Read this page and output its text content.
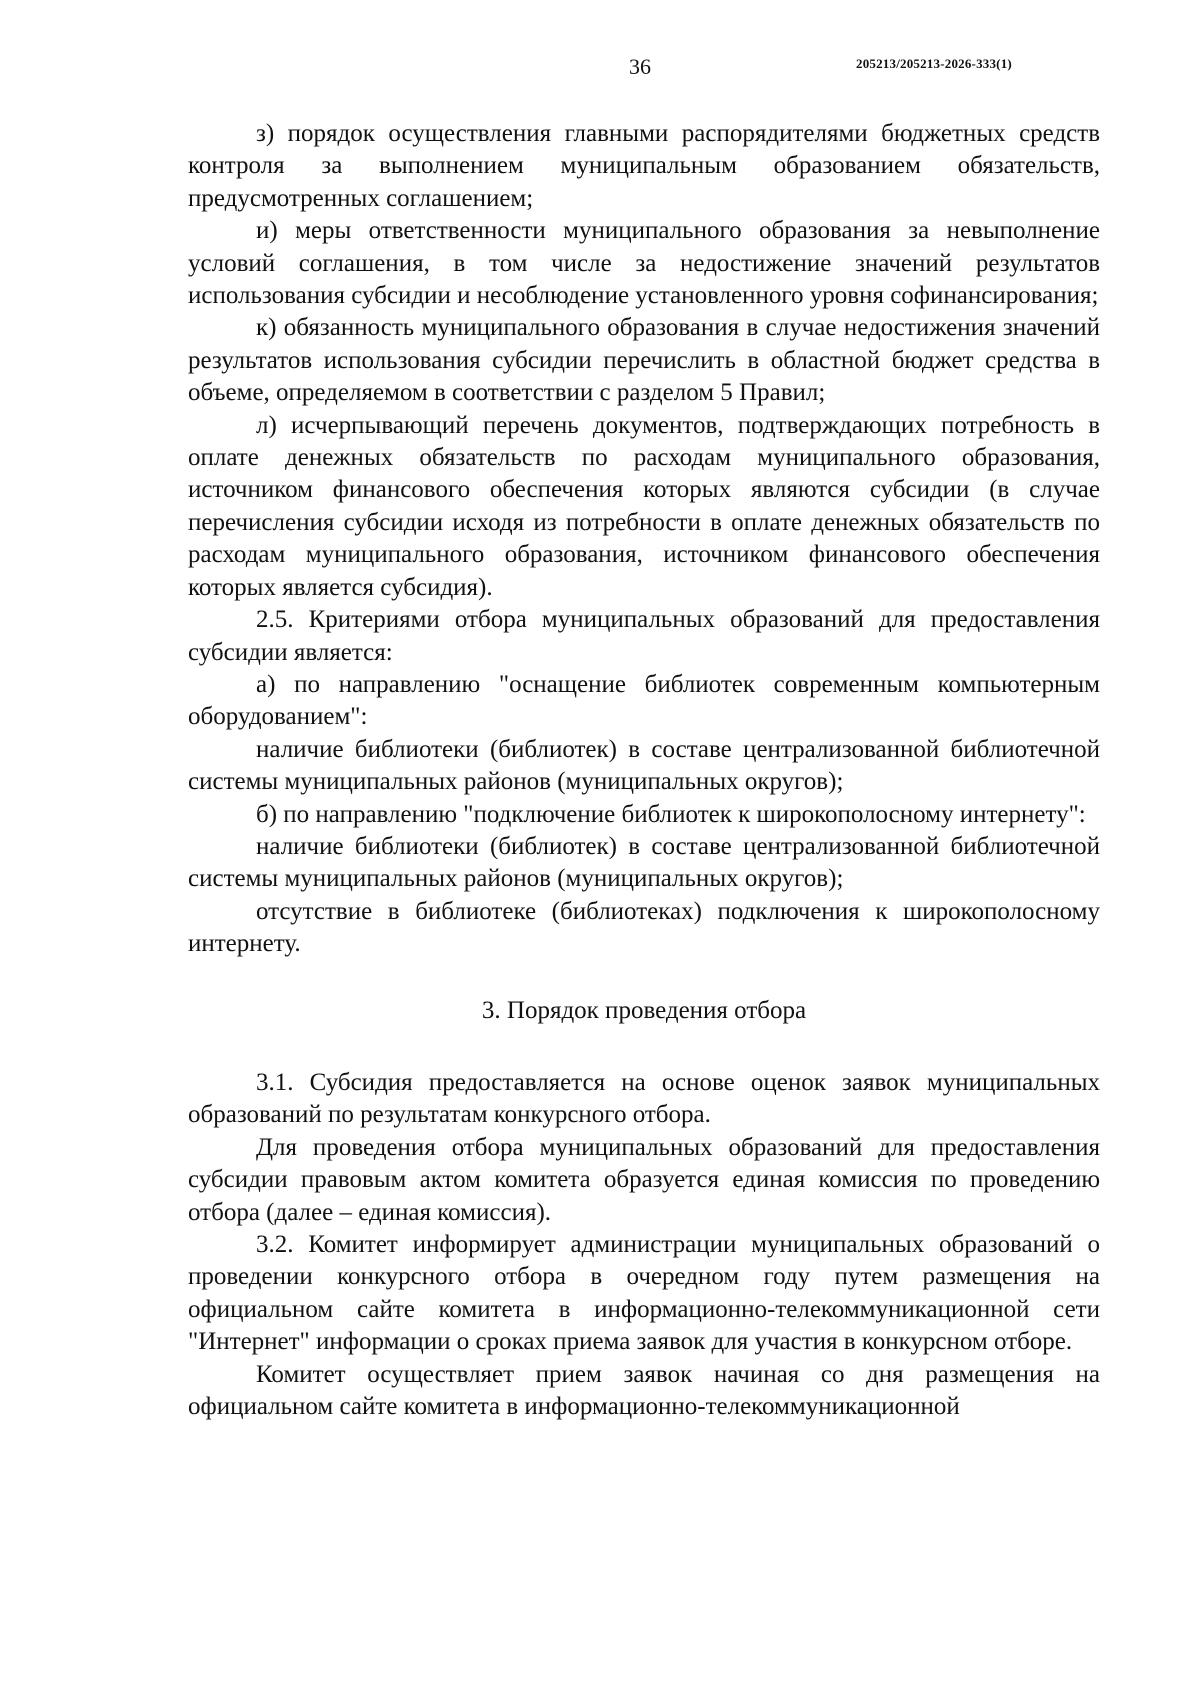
36	205213/205213-2026-333(1)

з) порядок осуществления главными распорядителями бюджетных средств контроля за выполнением муниципальным образованием обязательств, предусмотренных соглашением;

и) меры ответственности муниципального образования за невыполнение условий соглашения, в том числе за недостижение значений результатов использования субсидии и несоблюдение установленного уровня софинансирования;

к) обязанность муниципального образования в случае недостижения значений результатов использования субсидии перечислить в областной бюджет средства в объеме, определяемом в соответствии с разделом 5 Правил;

л) исчерпывающий перечень документов, подтверждающих потребность в оплате денежных обязательств по расходам муниципального образования, источником финансового обеспечения которых являются субсидии (в случае перечисления субсидии исходя из потребности в оплате денежных обязательств по расходам муниципального образования, источником финансового обеспечения которых является субсидия).

2.5. Критериями отбора муниципальных образований для предоставления субсидии является:

а) по направлению "оснащение библиотек современным компьютерным оборудованием":

наличие библиотеки (библиотек) в составе централизованной библиотечной системы муниципальных районов (муниципальных округов);

б) по направлению "подключение библиотек к широкополосному интернету":

наличие библиотеки (библиотек) в составе централизованной библиотечной системы муниципальных районов (муниципальных округов);

отсутствие в библиотеке (библиотеках) подключения к широкополосному интернету.

3. Порядок проведения отбора

3.1. Субсидия предоставляется на основе оценок заявок муниципальных образований по результатам конкурсного отбора.

Для проведения отбора муниципальных образований для предоставления субсидии правовым актом комитета образуется единая комиссия по проведению отбора (далее – единая комиссия).

3.2. Комитет информирует администрации муниципальных образований о проведении конкурсного отбора в очередном году путем размещения на официальном сайте комитета в информационно-телекоммуникационной сети "Интернет" информации о сроках приема заявок для участия в конкурсном отборе.

Комитет осуществляет прием заявок начиная со дня размещения на официальном сайте комитета в информационно-телекоммуникационной
